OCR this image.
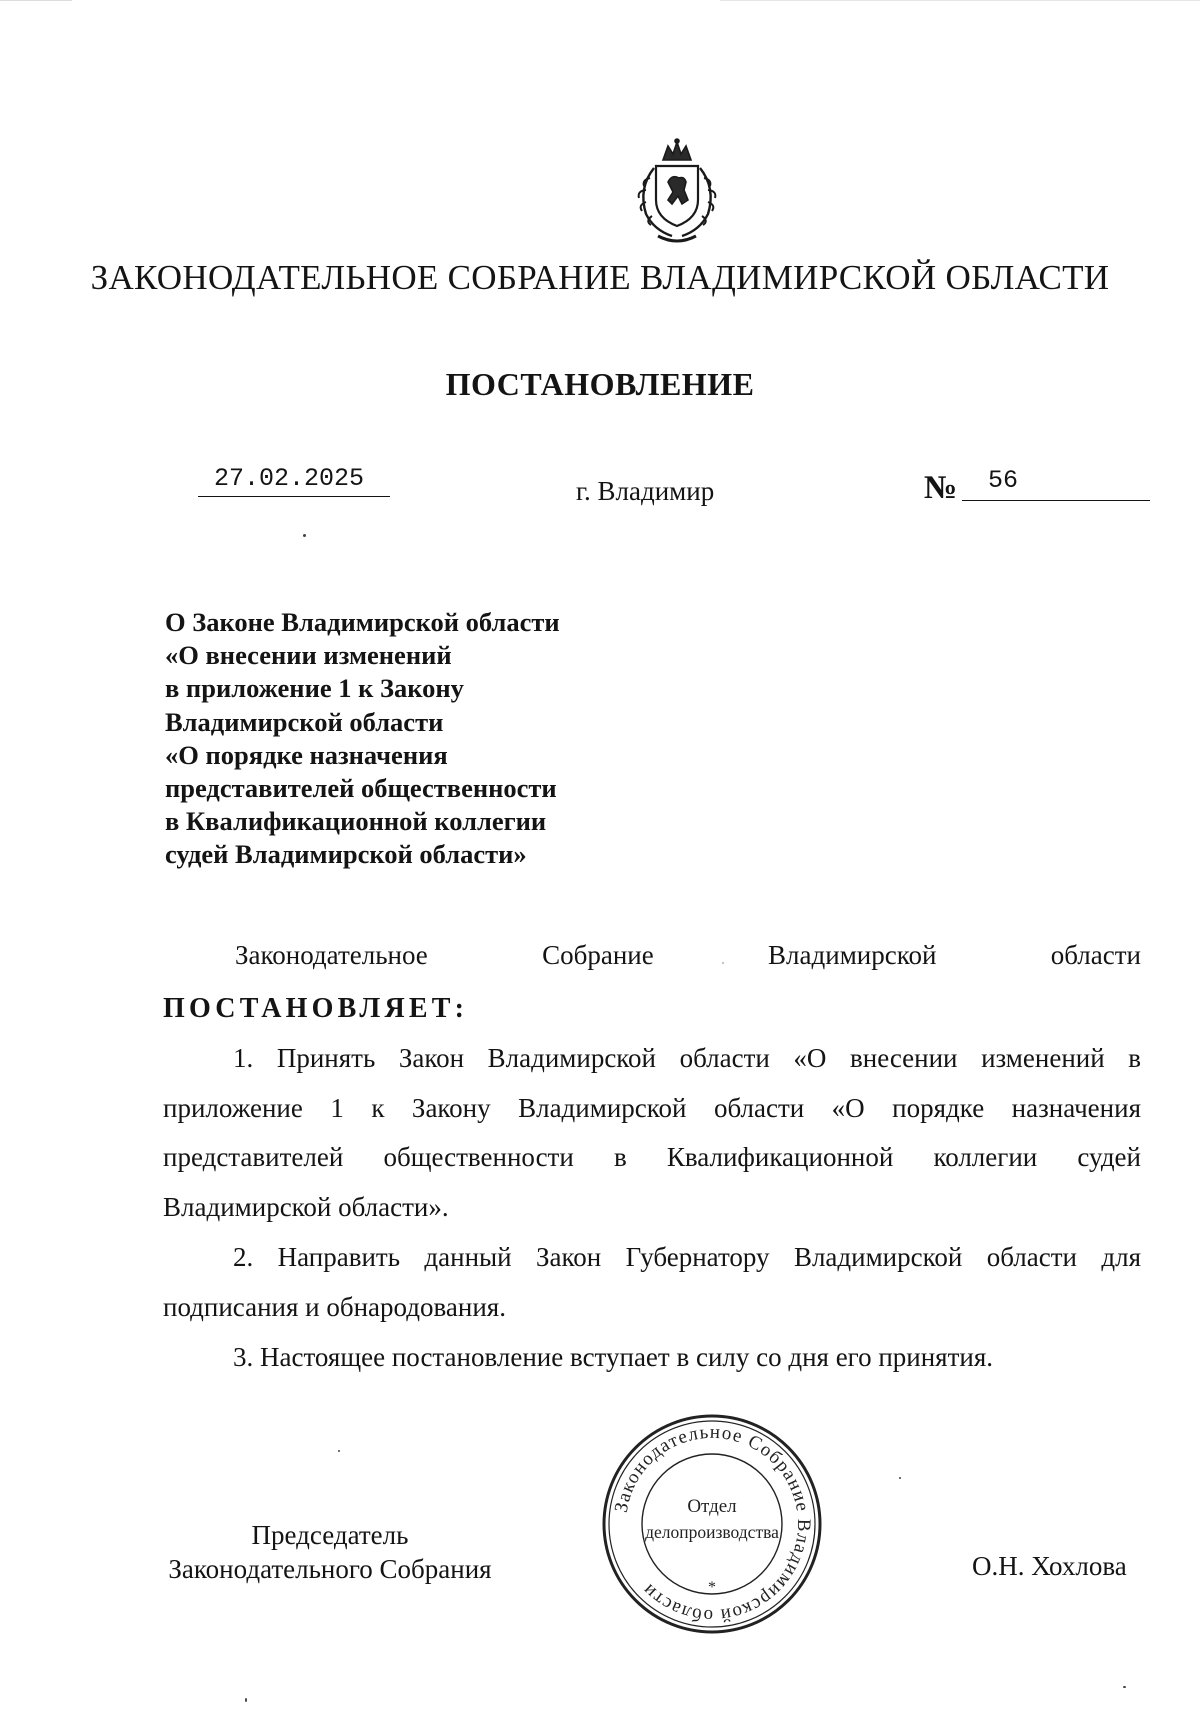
ЗАКОНОДАТЕЛЬНОЕ СОБРАНИЕ ВЛАДИМИРСКОЙ ОБЛАСТИ
ПОСТАНОВЛЕНИЕ
27.02.2025	г. Владимир	№ 56
О Законе Владимирской области
«О внесении изменений
в приложение 1 к Закону
Владимирской области
«О порядке назначения
представителей общественности
в Квалификационной коллегии
судей Владимирской области»
Законодательное	Собрание	Владимирской	области
ПОСТАНОВЛЯЕТ:

1. Принять Закон Владимирской области «О внесении изменений в приложение 1 к Закону Владимирской области «О порядке назначения представителей общественности в Квалификационной коллегии судей Владимирской области».

2. Направить данный Закон Губернатору Владимирской области для подписания и обнародования.

3. Настоящее постановление вступает в силу со дня его принятия.

Председатель
Законодательного Собрания	О.Н. Хохлова
Законодательное Собрание Владимирской области	*
Отдел
делопроизводства
